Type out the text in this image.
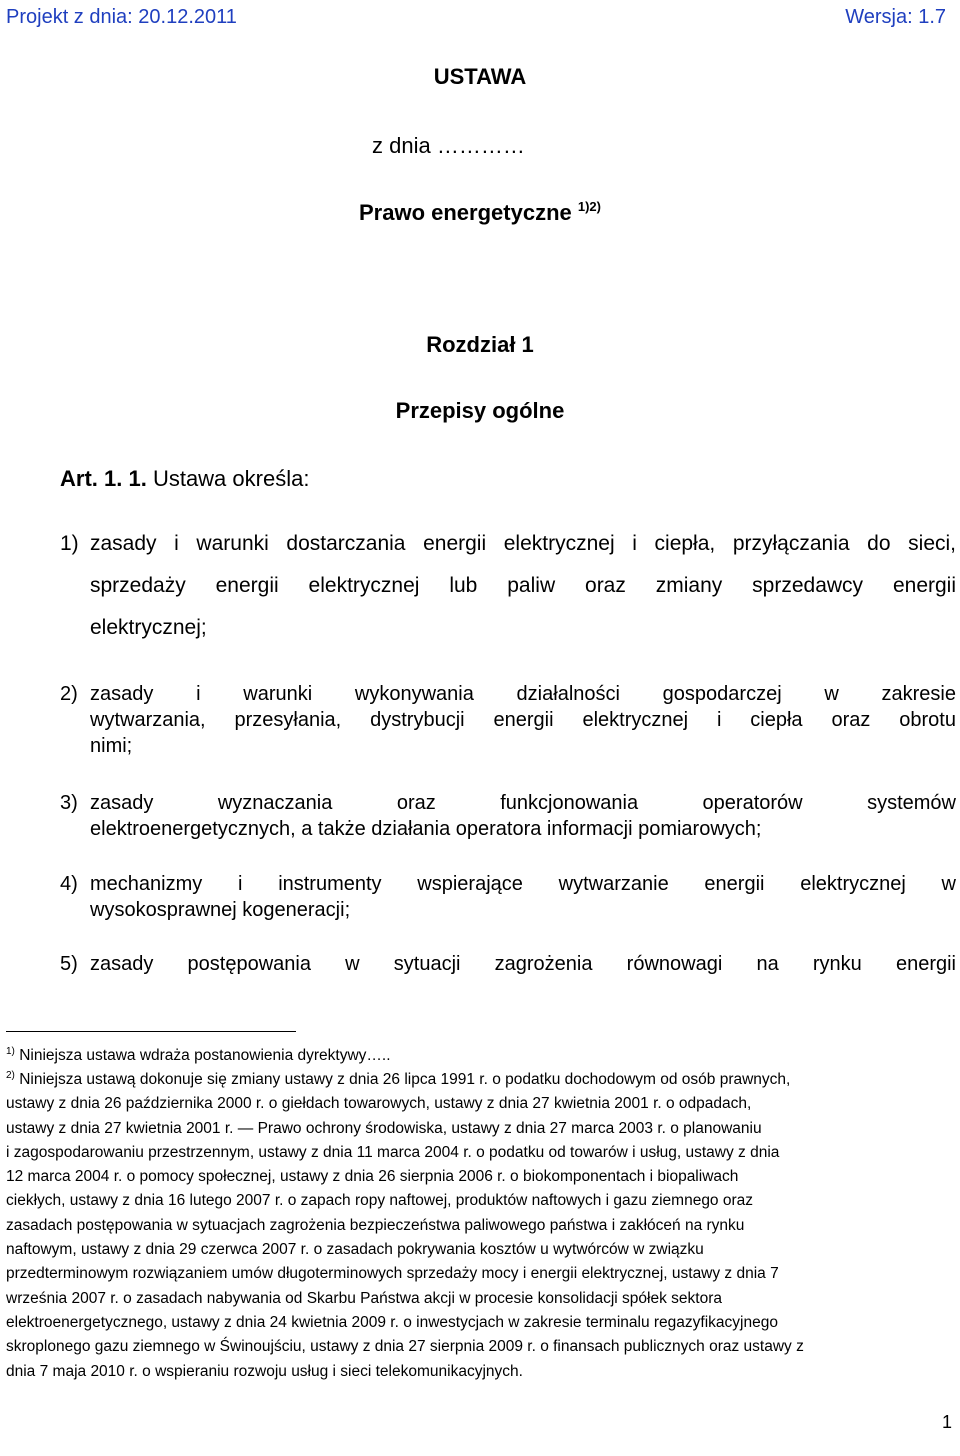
Projekt z dnia: 20.12.2011	Wersja: 1.7
USTAWA
z dnia …………
Prawo energetyczne $^{1)2)}$
Rozdział 1
Przepisy ogólne
Art. 1. 1. Ustawa określa:
1) zasady i warunki dostarczania energii elektrycznej i ciepła, przyłączania do sieci,
sprzedaży energii elektrycznej lub paliw oraz zmiany sprzedawcy energii
elektrycznej;
2) zasady i warunki wykonywania działalności gospodarczej w zakresie
wytwarzania, przesyłania, dystrybucji energii elektrycznej i ciepła oraz obrotu
nimi;
3) zasady wyznaczania oraz funkcjonowania operatorów systemów
elektroenergetycznych, a także działania operatora informacji pomiarowych;
4) mechanizmy i instrumenty wspierające wytwarzanie energii elektrycznej w
wysokosprawnej kogeneracji;
5) zasady postępowania w sytuacji zagrożenia równowagi na rynku energii
$^{1)}$ Niniejsza ustawa wdraża postanowienia dyrektywy…..
$^{2)}$ Niniejsza ustawą dokonuje się zmiany ustawy z dnia 26 lipca 1991 r. o podatku dochodowym od osób prawnych,
ustawy z dnia 26 października 2000 r. o giełdach towarowych, ustawy z dnia 27 kwietnia 2001 r. o odpadach,
ustawy z dnia 27 kwietnia 2001 r. — Prawo ochrony środowiska, ustawy z dnia 27 marca 2003 r. o planowaniu
i zagospodarowaniu przestrzennym, ustawy z dnia 11 marca 2004 r. o podatku od towarów i usług, ustawy z dnia
12 marca 2004 r. o pomocy społecznej, ustawy z dnia 26 sierpnia 2006 r. o biokomponentach i biopaliwach
ciekłych, ustawy z dnia 16 lutego 2007 r. o zapach ropy naftowej, produktów naftowych i gazu ziemnego oraz
zasadach postępowania w sytuacjach zagrożenia bezpieczeństwa paliwowego państwa i zakłóceń na rynku
naftowym, ustawy z dnia 29 czerwca 2007 r. o zasadach pokrywania kosztów u wytwórców w związku
przedterminowym rozwiązaniem umów długoterminowych sprzedaży mocy i energii elektrycznej, ustawy z dnia 7
września 2007 r. o zasadach nabywania od Skarbu Państwa akcji w procesie konsolidacji spółek sektora
elektroenergetycznego, ustawy z dnia 24 kwietnia 2009 r. o inwestycjach w zakresie terminalu regazyfikacyjnego
skroplonego gazu ziemnego w Świnoujściu, ustawy z dnia 27 sierpnia 2009 r. o finansach publicznych oraz ustawy z
dnia 7 maja 2010 r. o wspieraniu rozwoju usług i sieci telekomunikacyjnych.
1
